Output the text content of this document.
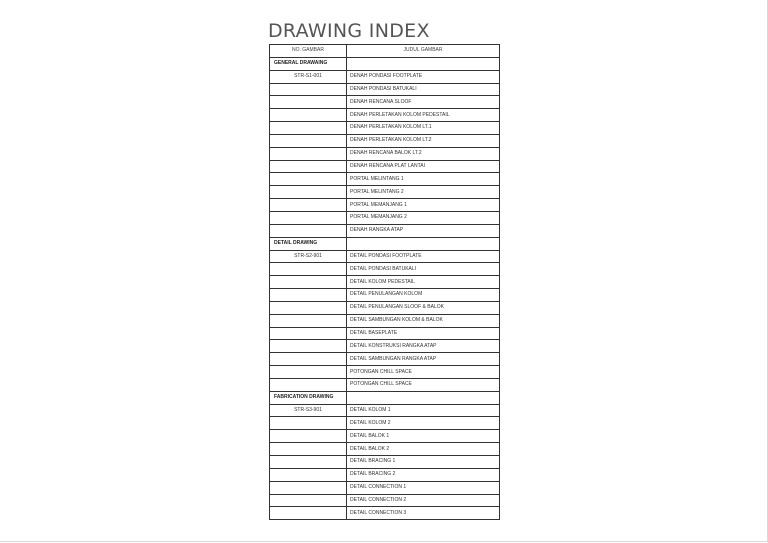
DRAWING INDEX
NO. GAMBAR	JUDUL GAMBAR
GENERAL DRAWAING	
STR-S1-001	DENAH PONDASI FOOTPLATE
	DENAH PONDASI BATUKALI
	DENAH RENCANA SLOOF
	DENAH PERLETAKAN KOLOM PEDESTAIL
	DENAH PERLETAKAN KOLOM LT.1
	DENAH PERLETAKAN KOLOM LT.2
	DENAH RENCANA BALOK LT.2
	DENAH RENCANA PLAT LANTAI
	PORTAL MELINTANG 1
	PORTAL MELINTANG 2
	PORTAL MEMANJANG 1
	PORTAL MEMANJANG 2
	DENAH RANGKA ATAP
DETAIL DRAWING	
STR-S2-901	DETAIL PONDASI FOOTPLATE
	DETAIL PONDASI BATUKALI
	DETAIL KOLOM PEDESTAIL
	DETAIL PENULANGAN KOLOM
	DETAIL PENULANGAN SLOOF & BALOK
	DETAIL SAMBUNGAN KOLOM & BALOK
	DETAIL BASEPLATE
	DETAIL KONSTRUKSI RANGKA ATAP
	DETAIL SAMBUNGAN RANGKA ATAP
	POTONGAN CHILL SPACE
	POTONGAN CHILL SPACE
FABRICATION DRAWING	
STR-S3-901	DETAIL KOLOM 1
	DETAIL KOLOM 2
	DETAIL BALOK 1
	DETAIL BALOK 2
	DETAIL BRACING 1
	DETAIL BRACING 2
	DETAIL CONNECTION 1
	DETAIL CONNECTION 2
	DETAIL CONNECTION 3
